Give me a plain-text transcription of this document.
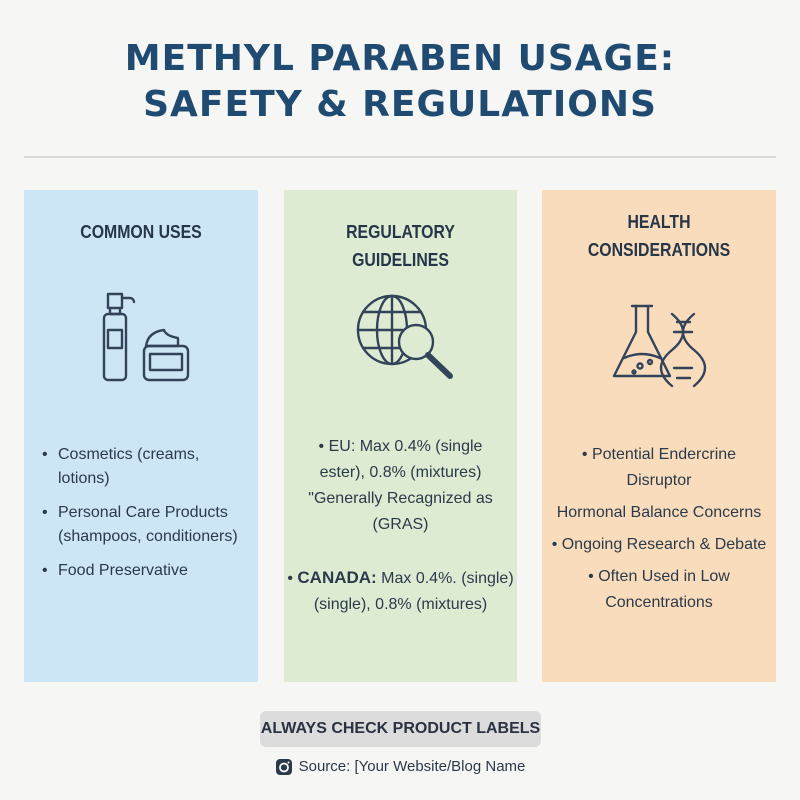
METHYL PARABEN USAGE:
SAFETY & REGULATIONS
COMMON USES
• Cosmetics (creams, lotions)
• Personal Care Products (shampoos, conditioners)
• Food Preservative
REGULATORY GUIDELINES
• EU: Max 0.4% (single
ester), 0.8% (mixtures)
"Generally Recagnized as
(GRAS)
• CANADA: Max 0.4%. (single)
(single), 0.8% (mixtures)
HEALTH
CONSIDERATIONS
• Potential Endercrine
Disruptor
Hormonal Balance Concerns
• Ongoing Research & Debate
• Often Used in Low
Concentrations
ALWAYS CHECK PRODUCT LABELS
Source: [Your Website/Blog Name
